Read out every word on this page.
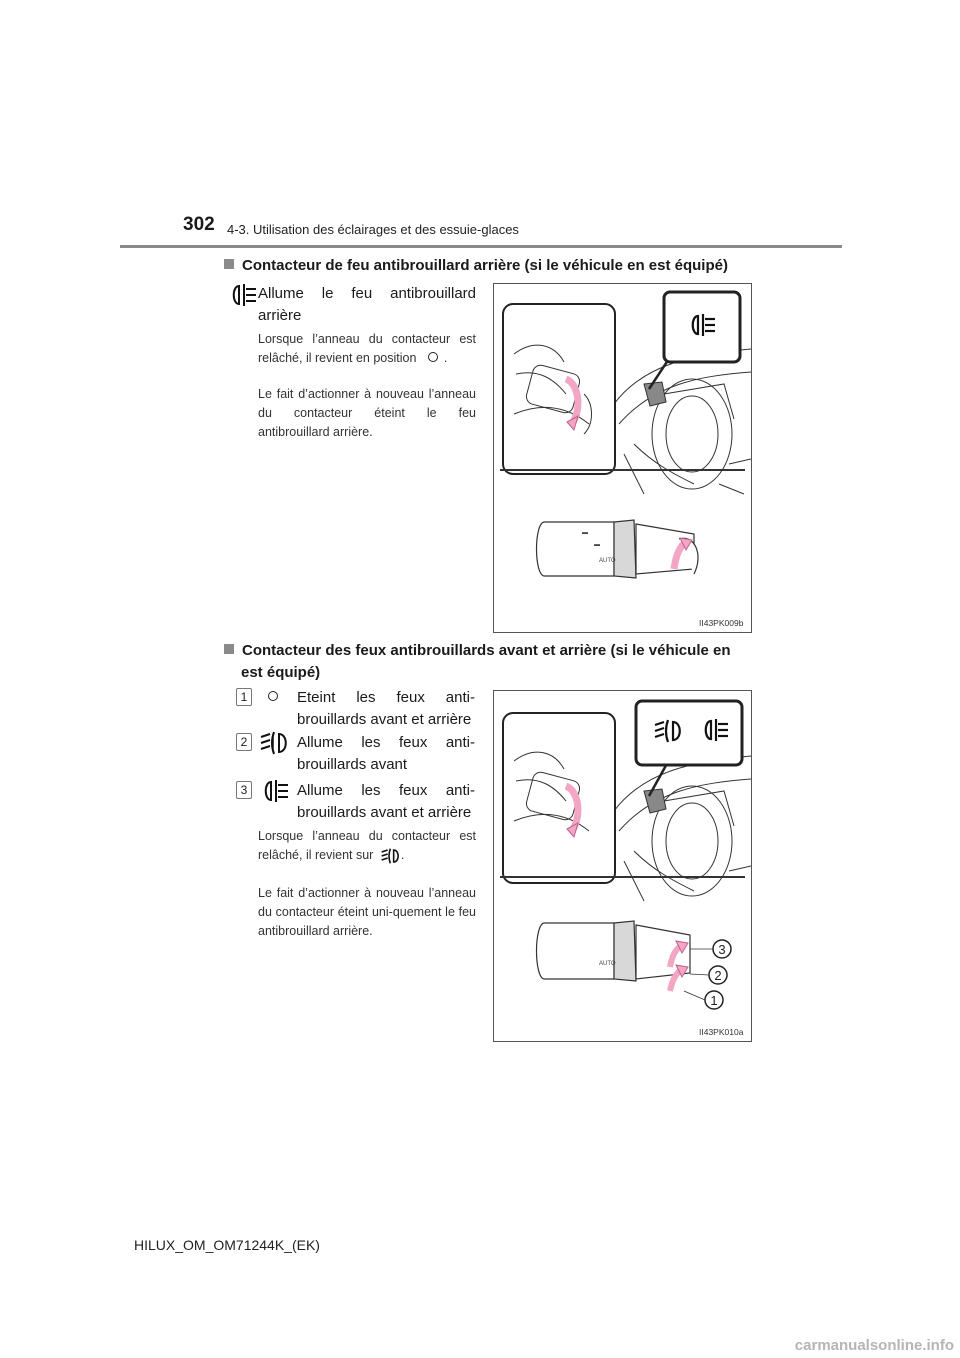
302 4-3. Utilisation des éclairages et des essuie-glaces
Contacteur de feu antibrouillard arrière (si le véhicule en est équipé)
Allume le feu antibrouillard arrière
Lorsque l’anneau du contacteur est relâché, il revient en position .
Le fait d’actionner à nouveau l’anneau du contacteur éteint le feu antibrouillard arrière.
▬
▬
AUTO
II43PK009b
Contacteur des feux antibrouillards avant et arrière (si le véhicule en
est équipé)
1	Eteint les feux anti-brouillards avant et arrière
2	Allume les feux anti-brouillards avant
3	Allume les feux anti-brouillards avant et arrière
Lorsque l’anneau du contacteur est relâché, il revient sur .
Le fait d’actionner à nouveau l’anneau du contacteur éteint uni-quement le feu antibrouillard arrière.
AUTO
3
2
1
II43PK010a
HILUX_OM_OM71244K_(EK)
carmanualsonline.info
